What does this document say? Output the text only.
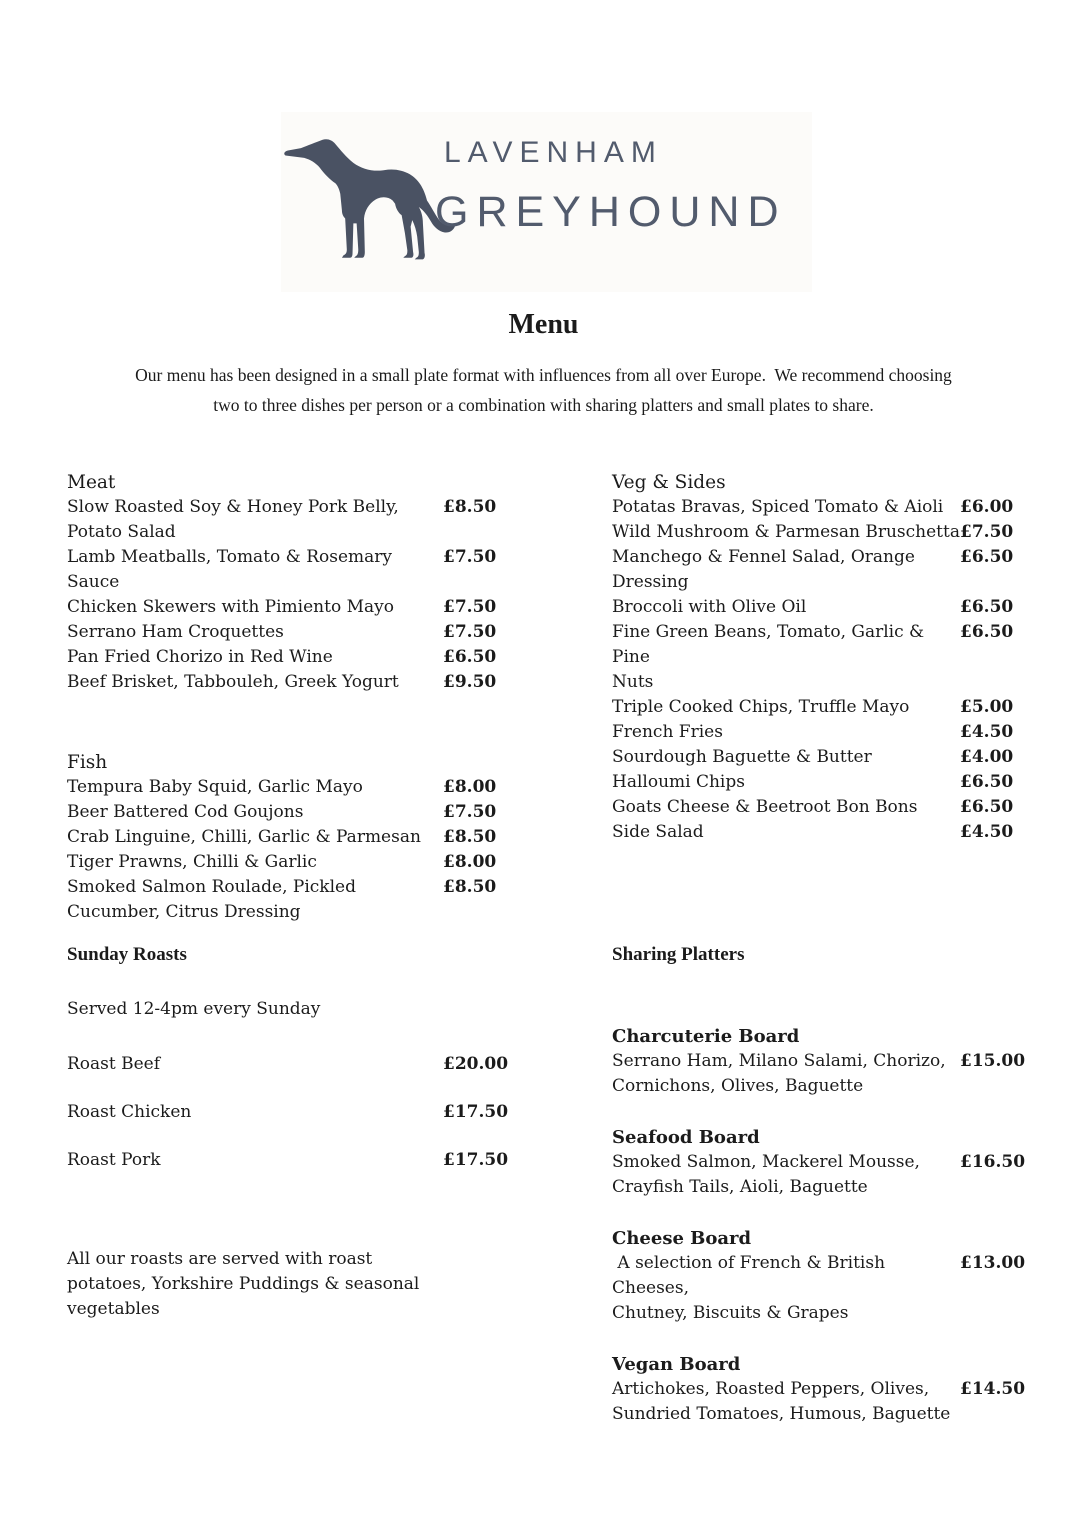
LAVENHAM
GREYHOUND
Menu
Our menu has been designed in a small plate format with influences from all over Europe.  We recommend choosing
two to three dishes per person or a combination with sharing platters and small plates to share.
Meat
Slow Roasted Soy & Honey Pork Belly,
Potato Salad
£8.50
Lamb Meatballs, Tomato & Rosemary
Sauce
£7.50
Chicken Skewers with Pimiento Mayo	£7.50
Serrano Ham Croquettes	£7.50
Pan Fried Chorizo in Red Wine	£6.50
Beef Brisket, Tabbouleh, Greek Yogurt	£9.50
Fish
Tempura Baby Squid, Garlic Mayo	£8.00
Beer Battered Cod Goujons	£7.50
Crab Linguine, Chilli, Garlic & Parmesan	£8.50
Tiger Prawns, Chilli & Garlic	£8.00
Smoked Salmon Roulade, Pickled
Cucumber, Citrus Dressing
£8.50
Veg & Sides
Potatas Bravas, Spiced Tomato & Aioli £6.00
Wild Mushroom & Parmesan Bruschetta £7.50
Manchego & Fennel Salad, Orange
Dressing
£6.50
Broccoli with Olive Oil	£6.50
Fine Green Beans, Tomato, Garlic & Pine
Nuts
£6.50
Triple Cooked Chips, Truffle Mayo	£5.00
French Fries	£4.50
Sourdough Baguette & Butter	£4.00
Halloumi Chips	£6.50
Goats Cheese & Beetroot Bon Bons	£6.50
Side Salad	£4.50
Sunday Roasts
Served 12-4pm every Sunday
Roast Beef	£20.00
Roast Chicken	£17.50
Roast Pork	£17.50
All our roasts are served with roast
potatoes, Yorkshire Puddings & seasonal
vegetables
Sharing Platters
Charcuterie Board
Serrano Ham, Milano Salami, Chorizo,
Cornichons, Olives, Baguette
£15.00
Seafood Board
Smoked Salmon, Mackerel Mousse,
Crayfish Tails, Aioli, Baguette
£16.50
Cheese Board
A selection of French & British Cheeses,
Chutney, Biscuits & Grapes
£13.00
Vegan Board
Artichokes, Roasted Peppers, Olives,
Sundried Tomatoes, Humous, Baguette
£14.50
